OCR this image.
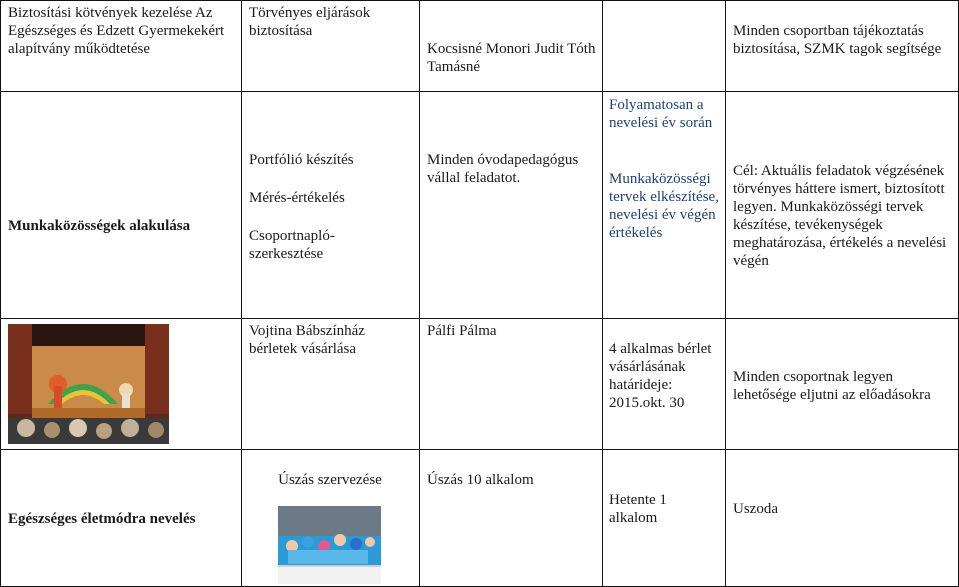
Biztosítási kötvények kezelése Az Egészséges és Edzett Gyermekekért alapítvány működtetése

Törvényes eljárások biztosítása

Kocsisné Monori Judit Tóth Tamásné

Minden csoportban tájékoztatás biztosítása, SZMK tagok segítsége

Munkaközösségek alakulása

Portfólió készítés

Mérés-értékelés

Csoportnapló-szerkesztése

Minden óvodapedagógus vállal feladatot.

Folyamatosan a nevelési év során

Munkaközösségi tervek elkészítése, nevelési év végén értékelés

Cél: Aktuális feladatok végzésének törvényes háttere ismert, biztosított legyen. Munkaközösségi tervek készítése, tevékenységek meghatározása, értékelés a nevelési végén

Vojtina Bábszínház bérletek vásárlása

Pálfi Pálma

4 alkalmas bérlet vásárlásának határideje: 2015.okt. 30

Minden csoportnak legyen lehetősége eljutni az előadásokra

Egészséges életmódra nevelés

Úszás szervezése	Úszás 10 alkalom

Hetente 1 alkalom

Uszoda
